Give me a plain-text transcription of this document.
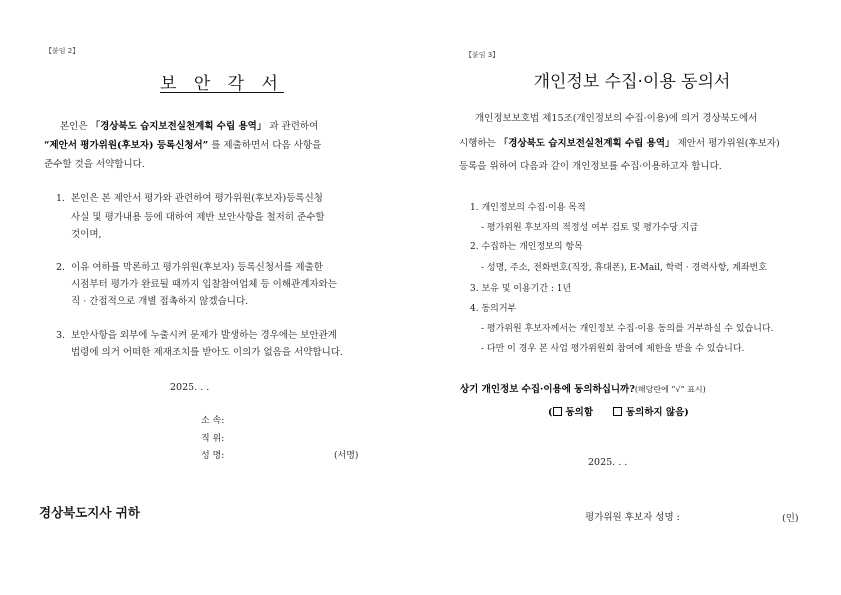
【붙임 2】
보 안 각 서
본인은 「경상북도 습지보전실천계획 수립 용역」 과 관련하여
“제안서 평가위원(후보자) 등록신청서” 를 제출하면서 다음 사항을
준수할 것을 서약합니다.
1. 본인은 본 제안서 평가와 관련하여 평가위원(후보자)등록신청
사실 및 평가내용 등에 대하여 제반 보안사항을 철저히 준수할
것이며,
2. 이유 여하를 막론하고 평가위원(후보자) 등록신청서를 제출한
시점부터 평가가 완료될 때까지 입찰참여업체 등 이해관계자와는
직 · 간접적으로 개별 접촉하지 않겠습니다.
3. 보안사항을 외부에 누출시켜 문제가 발생하는 경우에는 보안관계
법령에 의거 어떠한 제재조치를 받아도 이의가 없음을 서약합니다.
2025. . .
소 속:
직 위:
성 명:	(서명)
경상북도지사 귀하
【붙임 3】
개인정보 수집·이용 동의서
개인정보보호법 제15조(개인정보의 수집·이용)에 의거 경상북도에서
시행하는 「경상북도 습지보전실천계획 수립 용역」 제안서 평가위원(후보자)
등록을 위하여 다음과 같이 개인정보를 수집·이용하고자 합니다.
1. 개인정보의 수집·이용 목적
- 평가위원 후보자의 적정성 여부 검토 및 평가수당 지급
2. 수집하는 개인정보의 항목
- 성명, 주소, 전화번호(직장, 휴대폰), E-Mail, 학력 · 경력사항, 계좌번호
3. 보유 및 이용기간 : 1년
4. 동의거부
- 평가위원 후보자께서는 개인정보 수집·이용 동의를 거부하실 수 있습니다.
- 다만 이 경우 본 사업 평가위원회 참여에 제한을 받을 수 있습니다.
상기 개인정보 수집·이용에 동의하십니까?(해당란에 “√” 표시)
( 동의함	동의하지 않음)
2025. . .
평가위원 후보자 성명 :	(인)
